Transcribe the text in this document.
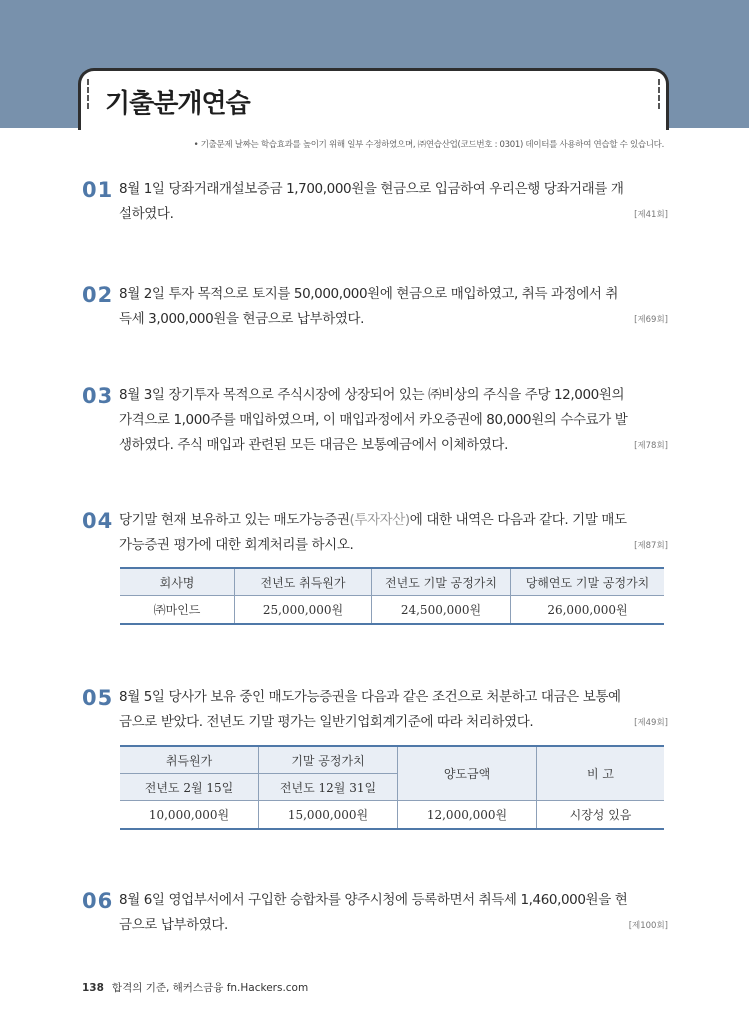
기출분개연습
• 기출문제 날짜는 학습효과를 높이기 위해 일부 수정하였으며, ㈜연습산업(코드번호 : 0301) 데이터를 사용하여 연습할 수 있습니다.
01 8월 1일 당좌거래개설보증금 1,700,000원을 현금으로 입금하여 우리은행 당좌거래를 개
설하였다.	[제41회]
02 8월 2일 투자 목적으로 토지를 50,000,000원에 현금으로 매입하였고, 취득 과정에서 취
득세 3,000,000원을 현금으로 납부하였다.	[제69회]
03 8월 3일 장기투자 목적으로 주식시장에 상장되어 있는 ㈜비상의 주식을 주당 12,000원의
가격으로 1,000주를 매입하였으며, 이 매입과정에서 카오증권에 80,000원의 수수료가 발
생하였다. 주식 매입과 관련된 모든 대금은 보통예금에서 이체하였다.	[제78회]
04 당기말 현재 보유하고 있는 매도가능증권(투자자산)에 대한 내역은 다음과 같다. 기말 매도
가능증권 평가에 대한 회계처리를 하시오.	[제87회]
회사명	전년도 취득원가	전년도 기말 공정가치	당해연도 기말 공정가치
㈜마인드	25,000,000원	24,500,000원	26,000,000원
05 8월 5일 당사가 보유 중인 매도가능증권을 다음과 같은 조건으로 처분하고 대금은 보통예
금으로 받았다. 전년도 기말 평가는 일반기업회계기준에 따라 처리하였다.	[제49회]
취득원가	기말 공정가치	양도금액	비 고
전년도 2월 15일	전년도 12월 31일		
10,000,000원	15,000,000원	12,000,000원	시장성 있음
06 8월 6일 영업부서에서 구입한 승합차를 양주시청에 등록하면서 취득세 1,460,000원을 현
금으로 납부하였다.	[제100회]
138 합격의 기준, 해커스금융 fn.Hackers.com
